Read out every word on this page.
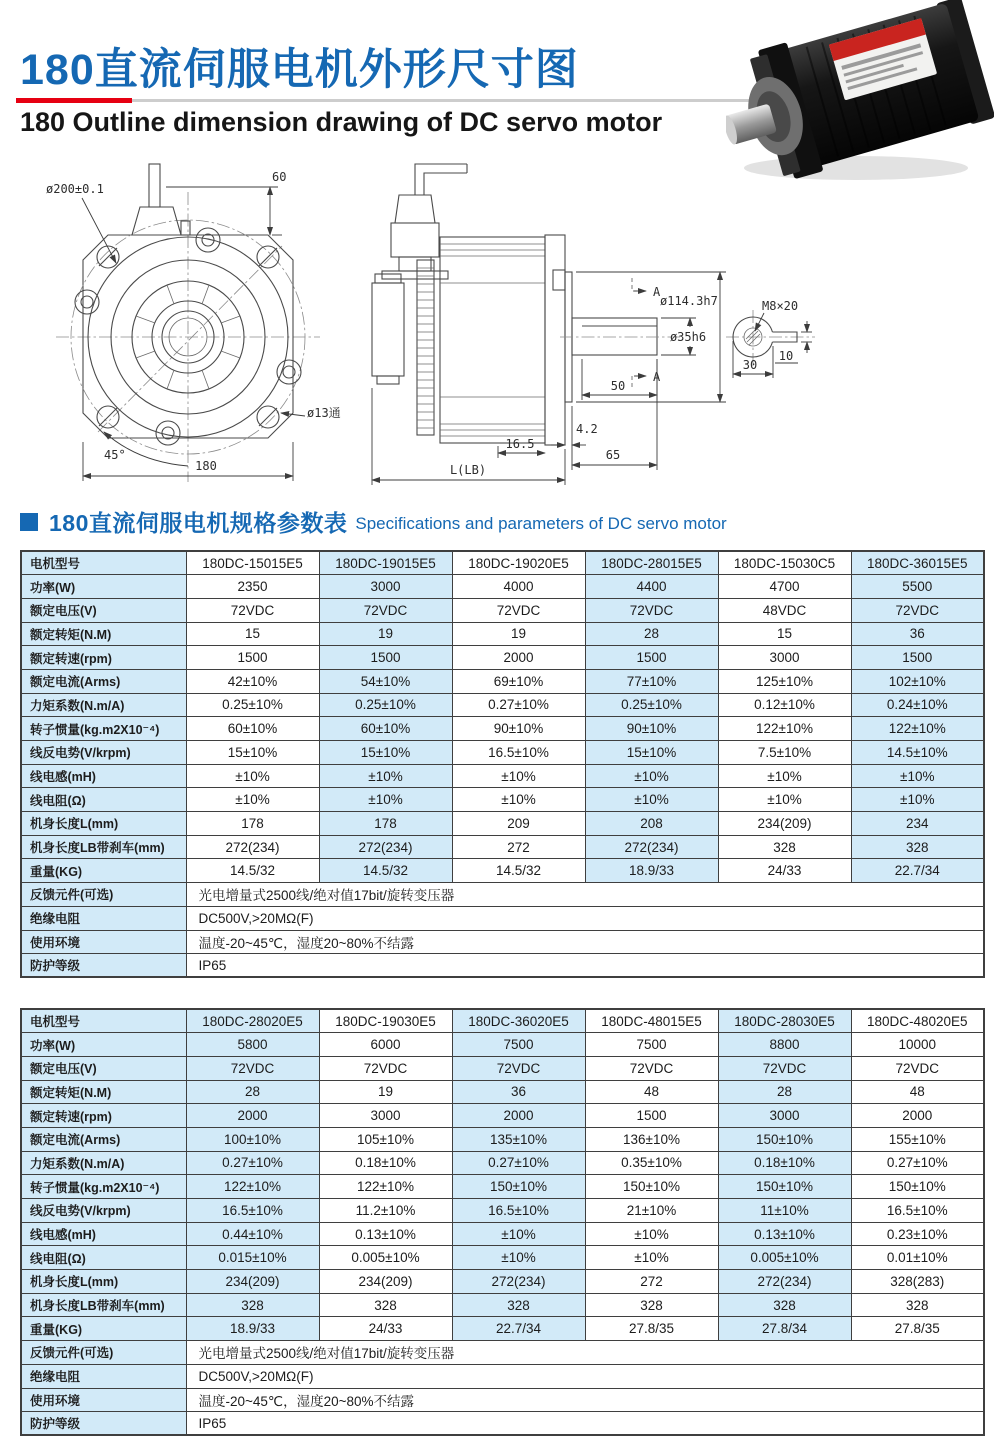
180直流伺服电机外形尺寸图
180 Outline dimension drawing of DC servo motor
60
ø200±0.1
ø13通
45°
180
A
A
ø114.3h7
ø35h6
50
4.2
16.5
L(LB)
65
M8×20
10
30
180直流伺服电机规格参数表 Specifications and parameters of DC servo motor
电机型号	180DC-15015E5	180DC-19015E5	180DC-19020E5	180DC-28015E5	180DC-15030C5	180DC-36015E5
功率(W)	2350	3000	4000	4400	4700	5500
额定电压(V)	72VDC	72VDC	72VDC	72VDC	48VDC	72VDC
额定转矩(N.M)	15	19	19	28	15	36
额定转速(rpm)	1500	1500	2000	1500	3000	1500
额定电流(Arms)	42±10%	54±10%	69±10%	77±10%	125±10%	102±10%
力矩系数(N.m/A)	0.25±10%	0.25±10%	0.27±10%	0.25±10%	0.12±10%	0.24±10%
转子惯量(kg.m2X10⁻⁴)	60±10%	60±10%	90±10%	90±10%	122±10%	122±10%
线反电势(V/krpm)	15±10%	15±10%	16.5±10%	15±10%	7.5±10%	14.5±10%
线电感(mH)	±10%	±10%	±10%	±10%	±10%	±10%
线电阻(Ω)	±10%	±10%	±10%	±10%	±10%	±10%
机身长度L(mm)	178	178	209	208	234(209)	234
机身长度LB带刹车(mm)	272(234)	272(234)	272	272(234)	328	328
重量(KG)	14.5/32	14.5/32	14.5/32	18.9/33	24/33	22.7/34
反馈元件(可选)	光电增量式2500线/绝对值17bit/旋转变压器					
绝缘电阻	DC500V,>20MΩ(F)					
使用环境	温度-20~45℃，湿度20~80%不结露					
防护等级	IP65					
电机型号	180DC-28020E5	180DC-19030E5	180DC-36020E5	180DC-48015E5	180DC-28030E5	180DC-48020E5
功率(W)	5800	6000	7500	7500	8800	10000
额定电压(V)	72VDC	72VDC	72VDC	72VDC	72VDC	72VDC
额定转矩(N.M)	28	19	36	48	28	48
额定转速(rpm)	2000	3000	2000	1500	3000	2000
额定电流(Arms)	100±10%	105±10%	135±10%	136±10%	150±10%	155±10%
力矩系数(N.m/A)	0.27±10%	0.18±10%	0.27±10%	0.35±10%	0.18±10%	0.27±10%
转子惯量(kg.m2X10⁻⁴)	122±10%	122±10%	150±10%	150±10%	150±10%	150±10%
线反电势(V/krpm)	16.5±10%	11.2±10%	16.5±10%	21±10%	11±10%	16.5±10%
线电感(mH)	0.44±10%	0.13±10%	±10%	±10%	0.13±10%	0.23±10%
线电阻(Ω)	0.015±10%	0.005±10%	±10%	±10%	0.005±10%	0.01±10%
机身长度L(mm)	234(209)	234(209)	272(234)	272	272(234)	328(283)
机身长度LB带刹车(mm)	328	328	328	328	328	328
重量(KG)	18.9/33	24/33	22.7/34	27.8/35	27.8/34	27.8/35
反馈元件(可选)	光电增量式2500线/绝对值17bit/旋转变压器					
绝缘电阻	DC500V,>20MΩ(F)					
使用环境	温度-20~45℃，湿度20~80%不结露					
防护等级	IP65					
